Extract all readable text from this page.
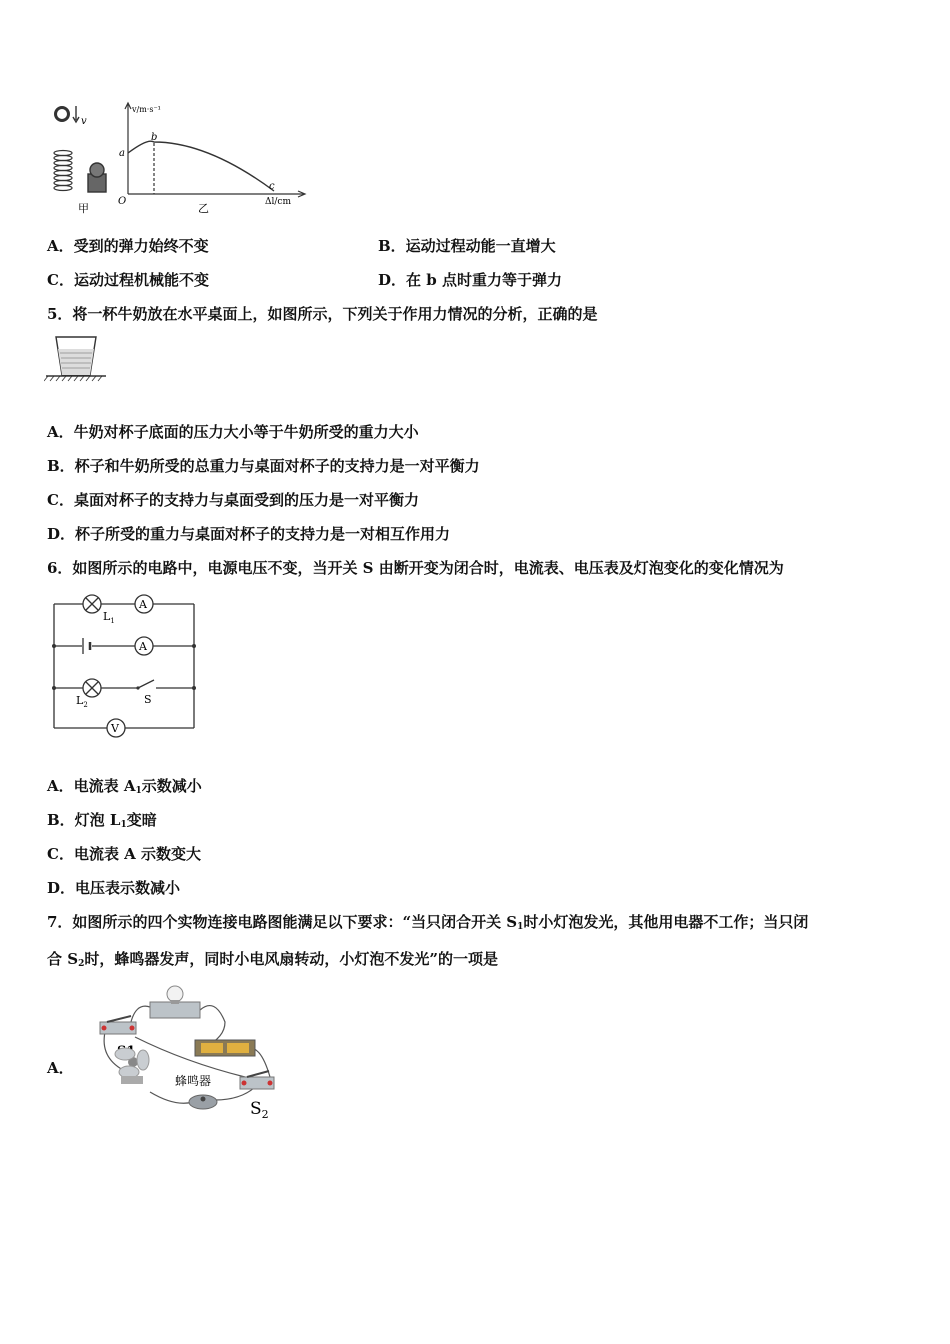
v
甲
v/m·s⁻¹
Δl/cm
O
a
b
c
乙
A．受到的弹力始终不变	B．运动过程动能一直增大
C．运动过程机械能不变	D．在 b 点时重力等于弹力
5．将一杯牛奶放在水平桌面上，如图所示，下列关于作用力情况的分析，正确的是
A．牛奶对杯子底面的压力大小等于牛奶所受的重力大小
B．杯子和牛奶所受的总重力与桌面对杯子的支持力是一对平衡力
C．桌面对杯子的支持力与桌面受到的压力是一对平衡力
D．杯子所受的重力与桌面对杯子的支持力是一对相互作用力
6．如图所示的电路中，电源电压不变，当开关 S 由断开变为闭合时，电流表、电压表及灯泡变化的变化情况为
A
A
V
$L_1$
$L_2$	S
A．电流表 $A_1$示数减小
B．灯泡 $L_1$变暗
C．电流表 A 示数变大
D．电压表示数减小
7．如图所示的四个实物连接电路图能满足以下要求：“当只闭合开关 $S_1$时小灯泡发光，其他用电器不工作；当只闭
合 $S_2$时，蜂鸣器发声，同时小电风扇转动，小灯泡不发光”的一项是
A．
蜂鸣器
$S_2$
